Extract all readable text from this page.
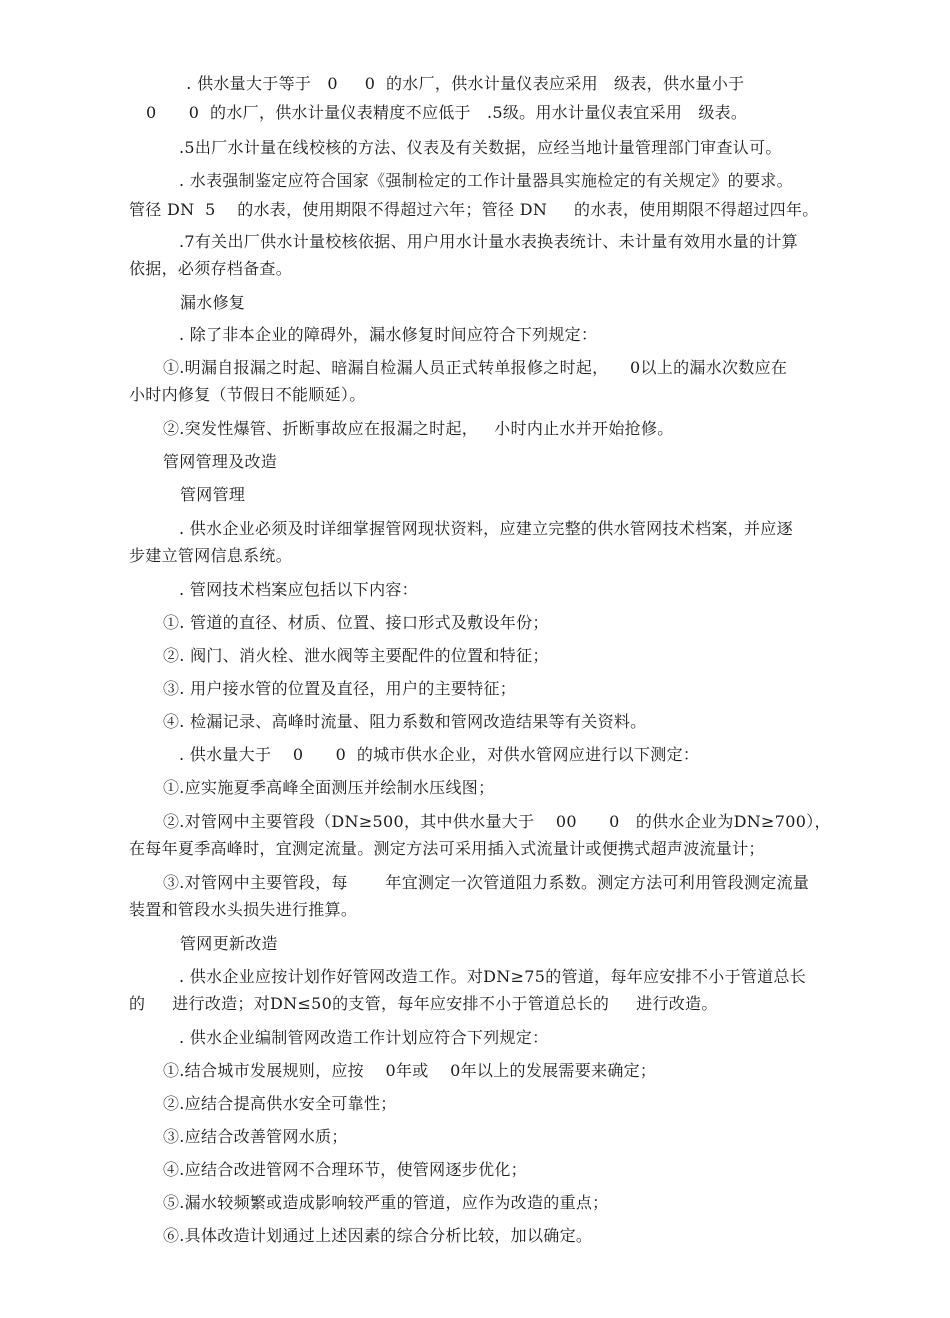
　. 供水量大于等于   0     0  的水厂，供水计量仪表应采用   级表，供水量小于
0      0  的水厂，供水计量仪表精度不应低于   .5级。用水计量仪表宜采用   级表。
.5出厂水计量在线校核的方法、仪表及有关数据，应经当地计量管理部门审查认可。
. 水表强制鉴定应符合国家《强制检定的工作计量器具实施检定的有关规定》的要求。
管径 DN  5    的水表，使用期限不得超过六年；管径 DN     的水表，使用期限不得超过四年。
.7有关出厂供水计量校核依据、用户用水计量水表换表统计、未计量有效用水量的计算
依据，必须存档备查。
漏水修复
. 除了非本企业的障碍外，漏水修复时间应符合下列规定：
①.明漏自报漏之时起、暗漏自检漏人员正式转单报修之时起，    0以上的漏水次数应在
小时内修复（节假日不能顺延）。
②.突发性爆管、折断事故应在报漏之时起，   小时内止水并开始抢修。
管网管理及改造
管网管理
. 供水企业必须及时详细掌握管网现状资料，应建立完整的供水管网技术档案，并应逐
步建立管网信息系统。
. 管网技术档案应包括以下内容：
①. 管道的直径、材质、位置、接口形式及敷设年份；
②. 阀门、消火栓、泄水阀等主要配件的位置和特征；
③. 用户接水管的位置及直径，用户的主要特征；
④. 检漏记录、高峰时流量、阻力系数和管网改造结果等有关资料。
. 供水量大于    0      0  的城市供水企业，对供水管网应进行以下测定：
①.应实施夏季高峰全面测压并绘制水压线图；
②.对管网中主要管段（DN≥500，其中供水量大于    00      0   的供水企业为DN≥700），
在每年夏季高峰时，宜测定流量。测定方法可采用插入式流量计或便携式超声波流量计；
③.对管网中主要管段，每       年宜测定一次管道阻力系数。测定方法可利用管段测定流量
装置和管段水头损失进行推算。
管网更新改造
. 供水企业应按计划作好管网改造工作。对DN≥75的管道，每年应安排不小于管道总长
的     进行改造；对DN≤50的支管，每年应安排不小于管道总长的     进行改造。
. 供水企业编制管网改造工作计划应符合下列规定：
①.结合城市发展规则，应按    0年或    0年以上的发展需要来确定；
②.应结合提高供水安全可靠性；
③.应结合改善管网水质；
④.应结合改进管网不合理环节，使管网逐步优化；
⑤.漏水较频繁或造成影响较严重的管道，应作为改造的重点；
⑥.具体改造计划通过上述因素的综合分析比较，加以确定。
